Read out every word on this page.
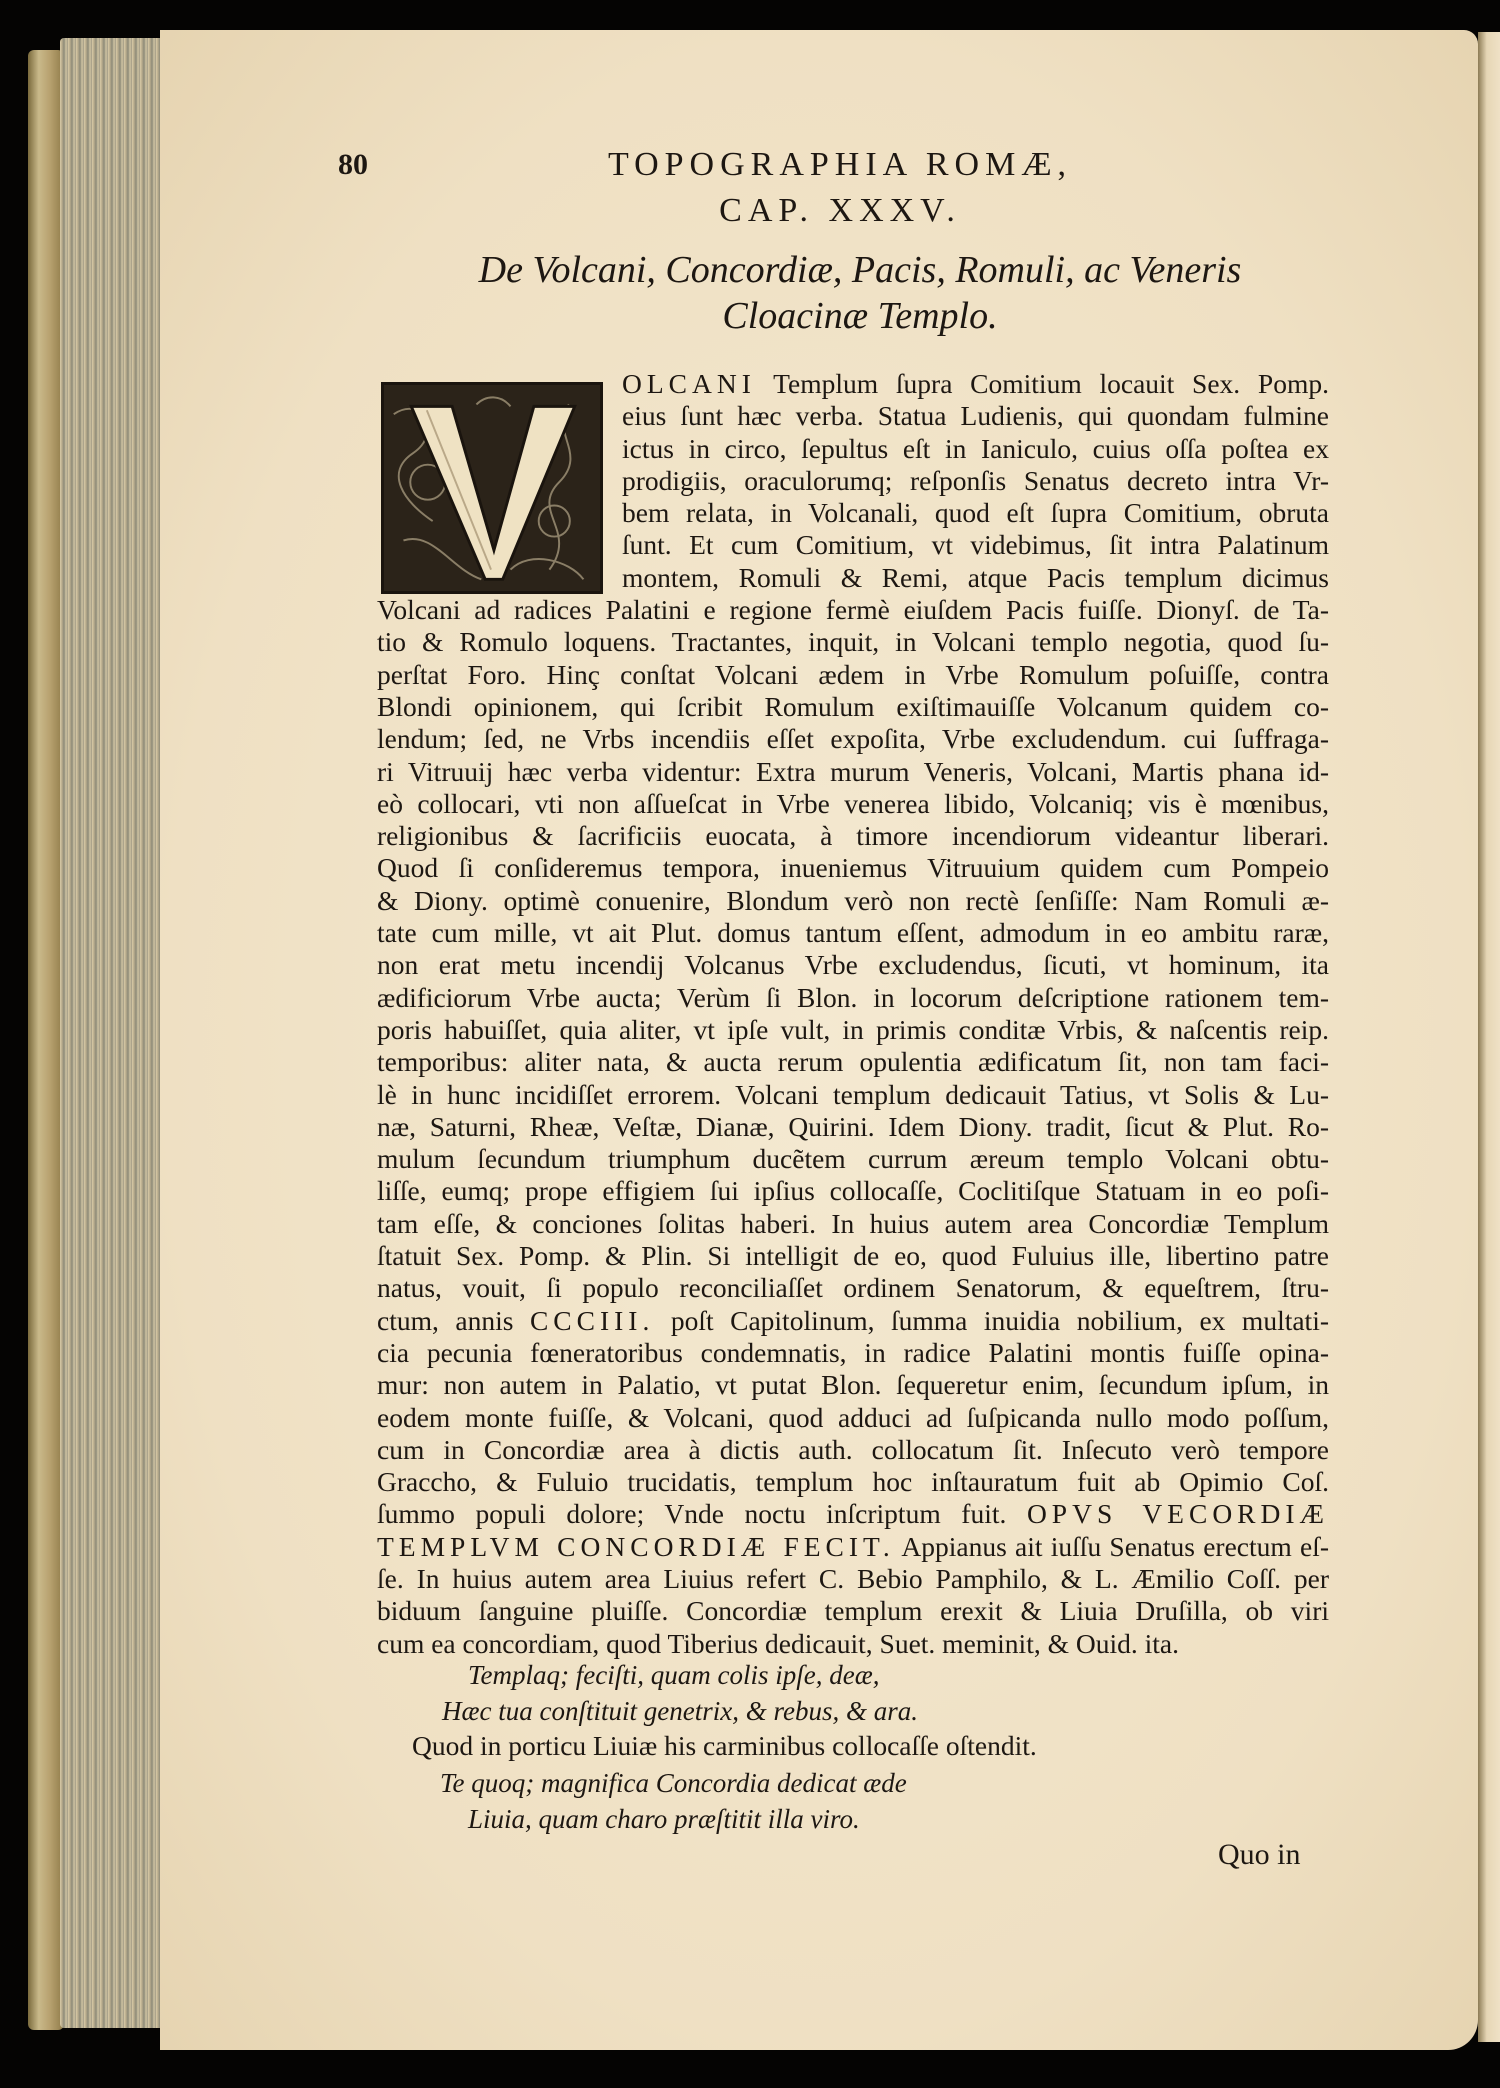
80	TOPOGRAPHIA ROMÆ,
CAP. XXXV.
De Volcani, Concordiæ, Pacis, Romuli, ac Veneris
Cloacinæ Templo.
OLCANI Templum ſupra Comitium locauit Sex. Pomp.
eius ſunt hæc verba. Statua Ludienis, qui quondam fulmine
ictus in circo, ſepultus eſt in Ianiculo, cuius oſſa poſtea ex
prodigiis, oraculorumq; reſponſis Senatus decreto intra Vr-
bem relata, in Volcanali, quod eſt ſupra Comitium, obruta
ſunt. Et cum Comitium, vt videbimus, ſit intra Palatinum
montem, Romuli & Remi, atque Pacis templum dicimus
Volcani ad radices Palatini e regione fermè eiuſdem Pacis fuiſſe. Dionyſ. de Ta-
tio & Romulo loquens. Tractantes, inquit, in Volcani templo negotia, quod ſu-
perſtat Foro. Hinç conſtat Volcani ædem in Vrbe Romulum poſuiſſe, contra
Blondi opinionem, qui ſcribit Romulum exiſtimauiſſe Volcanum quidem co-
lendum; ſed, ne Vrbs incendiis eſſet expoſita, Vrbe excludendum. cui ſuffraga-
ri Vitruuij hæc verba videntur: Extra murum Veneris, Volcani, Martis phana id-
eò collocari, vti non aſſueſcat in Vrbe venerea libido, Volcaniq; vis è mœnibus,
religionibus & ſacrificiis euocata, à timore incendiorum videantur liberari.
Quod ſi conſideremus tempora, inueniemus Vitruuium quidem cum Pompeio
& Diony. optimè conuenire, Blondum verò non rectè ſenſiſſe: Nam Romuli æ-
tate cum mille, vt ait Plut. domus tantum eſſent, admodum in eo ambitu raræ,
non erat metu incendij Volcanus Vrbe excludendus, ſicuti, vt hominum, ita
ædificiorum Vrbe aucta; Verùm ſi Blon. in locorum deſcriptione rationem tem-
poris habuiſſet, quia aliter, vt ipſe vult, in primis conditæ Vrbis, & naſcentis reip.
temporibus: aliter nata, & aucta rerum opulentia ædificatum ſit, non tam faci-
lè in hunc incidiſſet errorem. Volcani templum dedicauit Tatius, vt Solis & Lu-
næ, Saturni, Rheæ, Veſtæ, Dianæ, Quirini. Idem Diony. tradit, ſicut & Plut. Ro-
mulum ſecundum triumphum ducẽtem currum æreum templo Volcani obtu-
liſſe, eumq; prope effigiem ſui ipſius collocaſſe, Coclitiſque Statuam in eo poſi-
tam eſſe, & conciones ſolitas haberi. In huius autem area Concordiæ Templum
ſtatuit Sex. Pomp. & Plin. Si intelligit de eo, quod Fuluius ille, libertino patre
natus, vouit, ſi populo reconciliaſſet ordinem Senatorum, & equeſtrem, ſtru-
ctum, annis CCCIII. poſt Capitolinum, ſumma inuidia nobilium, ex multati-
cia pecunia fœneratoribus condemnatis, in radice Palatini montis fuiſſe opina-
mur: non autem in Palatio, vt putat Blon. ſequeretur enim, ſecundum ipſum, in
eodem monte fuiſſe, & Volcani, quod adduci ad ſuſpicanda nullo modo poſſum,
cum in Concordiæ area à dictis auth. collocatum ſit. Inſecuto verò tempore
Graccho, & Fuluio trucidatis, templum hoc inſtauratum fuit ab Opimio Coſ.
ſummo populi dolore; Vnde noctu inſcriptum fuit. OPVS VECORDIÆ
TEMPLVM CONCORDIÆ FECIT. Appianus ait iuſſu Senatus erectum eſ-
ſe. In huius autem area Liuius refert C. Bebio Pamphilo, & L. Æmilio Coſſ. per
biduum ſanguine pluiſſe. Concordiæ templum erexit & Liuia Druſilla, ob viri
cum ea concordiam, quod Tiberius dedicauit, Suet. meminit, & Ouid. ita.
Templaq; feciſti, quam colis ipſe, deæ,
Hæc tua conſtituit genetrix, & rebus, & ara.
Quod in porticu Liuiæ his carminibus collocaſſe oſtendit.
Te quoq; magnifica Concordia dedicat æde
Liuia, quam charo præſtitit illa viro.
Quo in
